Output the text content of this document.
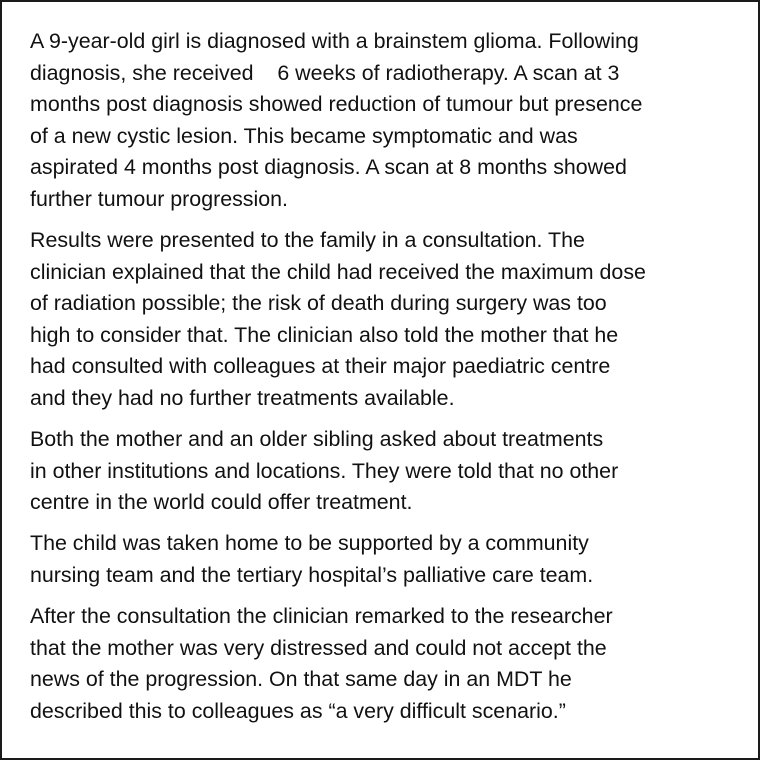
A 9-year-old girl is diagnosed with a brainstem glioma. Following
diagnosis, she received 6 weeks of radiotherapy. A scan at 3
months post diagnosis showed reduction of tumour but presence
of a new cystic lesion. This became symptomatic and was
aspirated 4 months post diagnosis. A scan at 8 months showed
further tumour progression.

Results were presented to the family in a consultation. The
clinician explained that the child had received the maximum dose
of radiation possible; the risk of death during surgery was too
high to consider that. The clinician also told the mother that he
had consulted with colleagues at their major paediatric centre
and they had no further treatments available.

Both the mother and an older sibling asked about treatments
in other institutions and locations. They were told that no other
centre in the world could offer treatment.

The child was taken home to be supported by a community
nursing team and the tertiary hospital’s palliative care team.

After the consultation the clinician remarked to the researcher
that the mother was very distressed and could not accept the
news of the progression. On that same day in an MDT he
described this to colleagues as “a very difficult scenario.”
